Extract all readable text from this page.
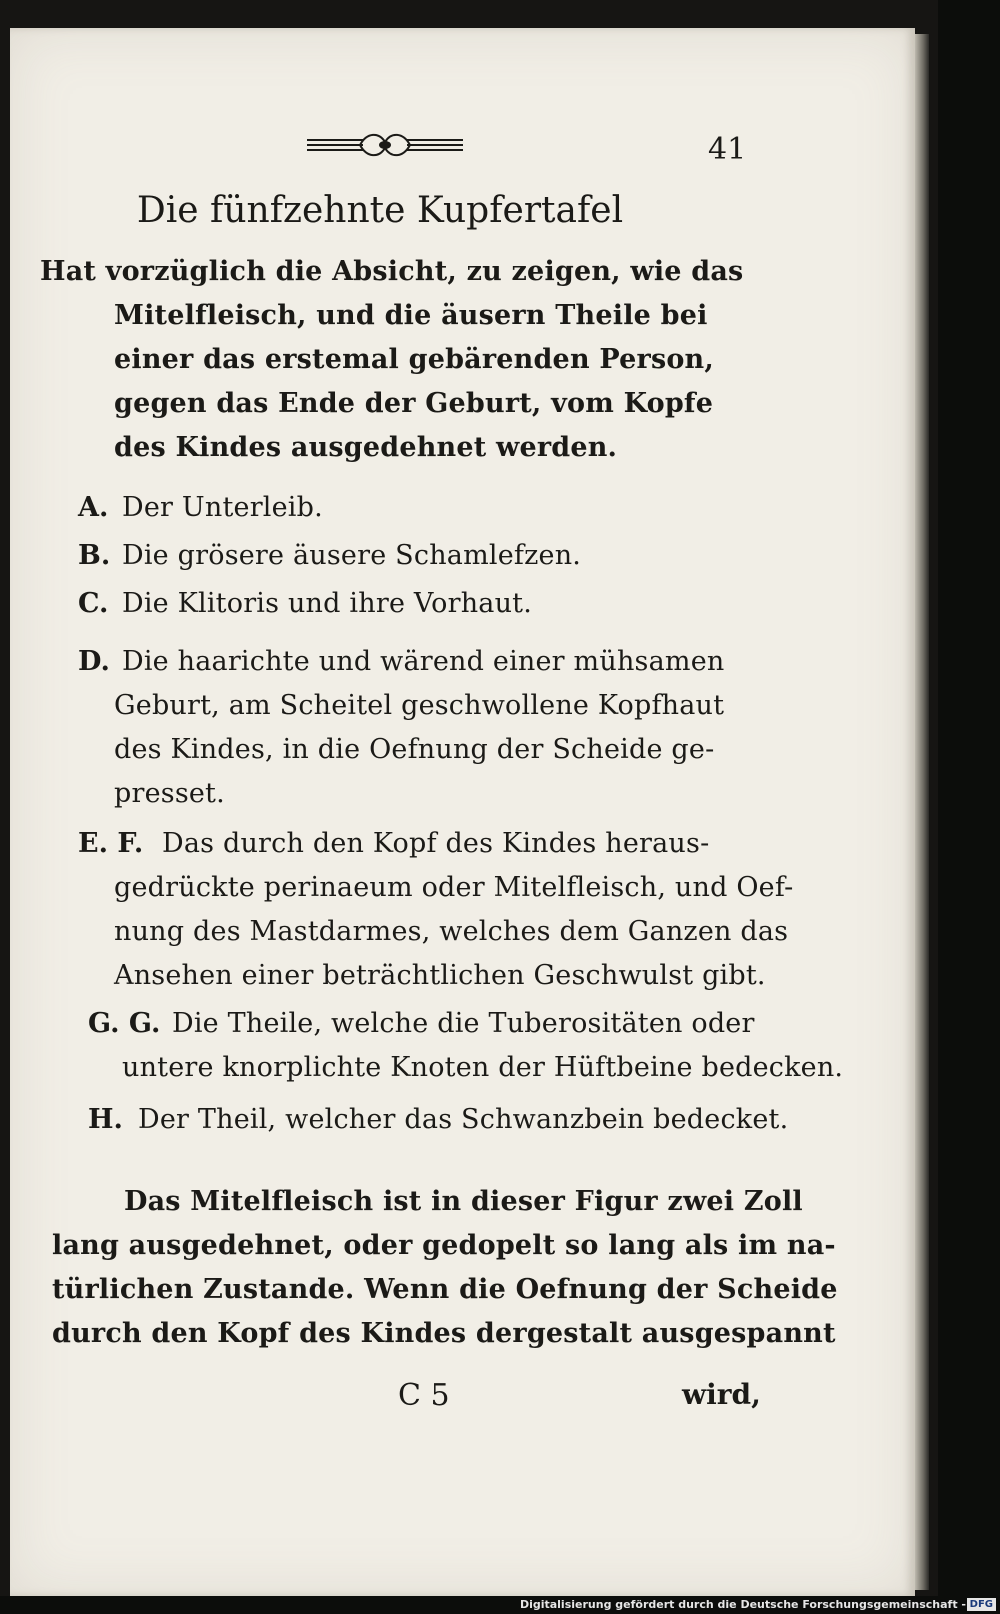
41
Die fünfzehnte Kupfertafel
Hat vorzüglich die Absicht, zu zeigen, wie das
Mitelfleisch, und die äusern Theile bei
einer das erstemal gebärenden Person,
gegen das Ende der Geburt, vom Kopfe
des Kindes ausgedehnet werden.
A. Der Unterleib.
B. Die grösere äusere Schamlefzen.
C. Die Klitoris und ihre Vorhaut.
D. Die haarichte und wärend einer mühsamen
Geburt, am Scheitel geschwollene Kopfhaut
des Kindes, in die Oefnung der Scheide ge-
presset.
E. F. Das durch den Kopf des Kindes heraus-
gedrückte perinaeum oder Mitelfleisch, und Oef-
nung des Mastdarmes, welches dem Ganzen das
Ansehen einer beträchtlichen Geschwulst gibt.
G. G. Die Theile, welche die Tuberositäten oder
untere knorplichte Knoten der Hüftbeine bedecken.
H. Der Theil, welcher das Schwanzbein bedecket.
Das Mitelfleisch ist in dieser Figur zwei Zoll
lang ausgedehnet, oder gedopelt so lang als im na-
türlichen Zustande. Wenn die Oefnung der Scheide
durch den Kopf des Kindes dergestalt ausgespannt
C 5	wird,
Digitalisierung gefördert durch die Deutsche Forschungsgemeinschaft - DFG
